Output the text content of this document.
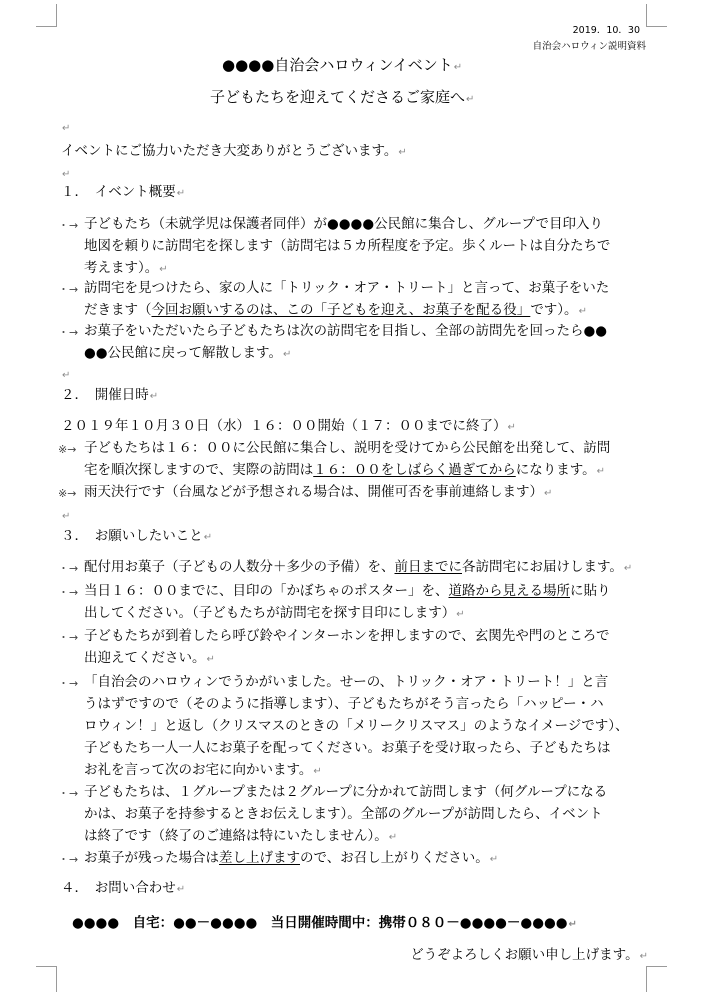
2019．10．30
自治会ハロウィン説明資料
●●●●自治会ハロウィンイベント↵
子どもたちを迎えてくださるご家庭へ↵
↵
イベントにご協力いただき大変ありがとうございます。↵
↵
１．　イベント概要↵
・→ 子どもたち（未就学児は保護者同伴）が●●●●公民館に集合し、グループで目印入り
地図を頼りに訪問宅を探します（訪問宅は５カ所程度を予定。歩くルートは自分たちで
考えます）。↵
・→ 訪問宅を見つけたら、家の人に「トリック・オア・トリート」と言って、お菓子をいた
だきます（今回お願いするのは、この「子どもを迎え、お菓子を配る役」です）。↵
・→ お菓子をいただいたら子どもたちは次の訪問宅を目指し、全部の訪問先を回ったら●●
●●公民館に戻って解散します。↵
↵
２．　開催日時↵
２０１９年１０月３０日（水）１６：００開始（１７：００までに終了）↵
※→ 子どもたちは１６：００に公民館に集合し、説明を受けてから公民館を出発して、訪問
宅を順次探しますので、実際の訪問は１６：００をしばらく過ぎてからになります。↵
※→ 雨天決行です（台風などが予想される場合は、開催可否を事前連絡します）↵
↵
３．　お願いしたいこと↵
・→ 配付用お菓子（子どもの人数分＋多少の予備）を、前日までに各訪問宅にお届けします。↵
・→ 当日１６：００までに、目印の「かぼちゃのポスター」を、道路から見える場所に貼り
出してください。（子どもたちが訪問宅を探す目印にします）↵
・→ 子どもたちが到着したら呼び鈴やインターホンを押しますので、玄関先や門のところで
出迎えてください。↵
・→ 「自治会のハロウィンでうかがいました。せーの、トリック・オア・トリート！」と言
うはずですので（そのように指導します）、子どもたちがそう言ったら「ハッピー・ハ
ロウィン！」と返し（クリスマスのときの「メリークリスマス」のようなイメージです）、
子どもたち一人一人にお菓子を配ってください。お菓子を受け取ったら、子どもたちは
お礼を言って次のお宅に向かいます。↵
・→ 子どもたちは、１グループまたは２グループに分かれて訪問します（何グループになる
かは、お菓子を持参するときお伝えします）。全部のグループが訪問したら、イベント
は終了です（終了のご連絡は特にいたしません）。↵
・→ お菓子が残った場合は差し上げますので、お召し上がりください。↵
４．　お問い合わせ↵
●●●●　自宅：●●－●●●●　当日開催時間中：携帯０８０－●●●●－●●●●↵
どうぞよろしくお願い申し上げます。↵
